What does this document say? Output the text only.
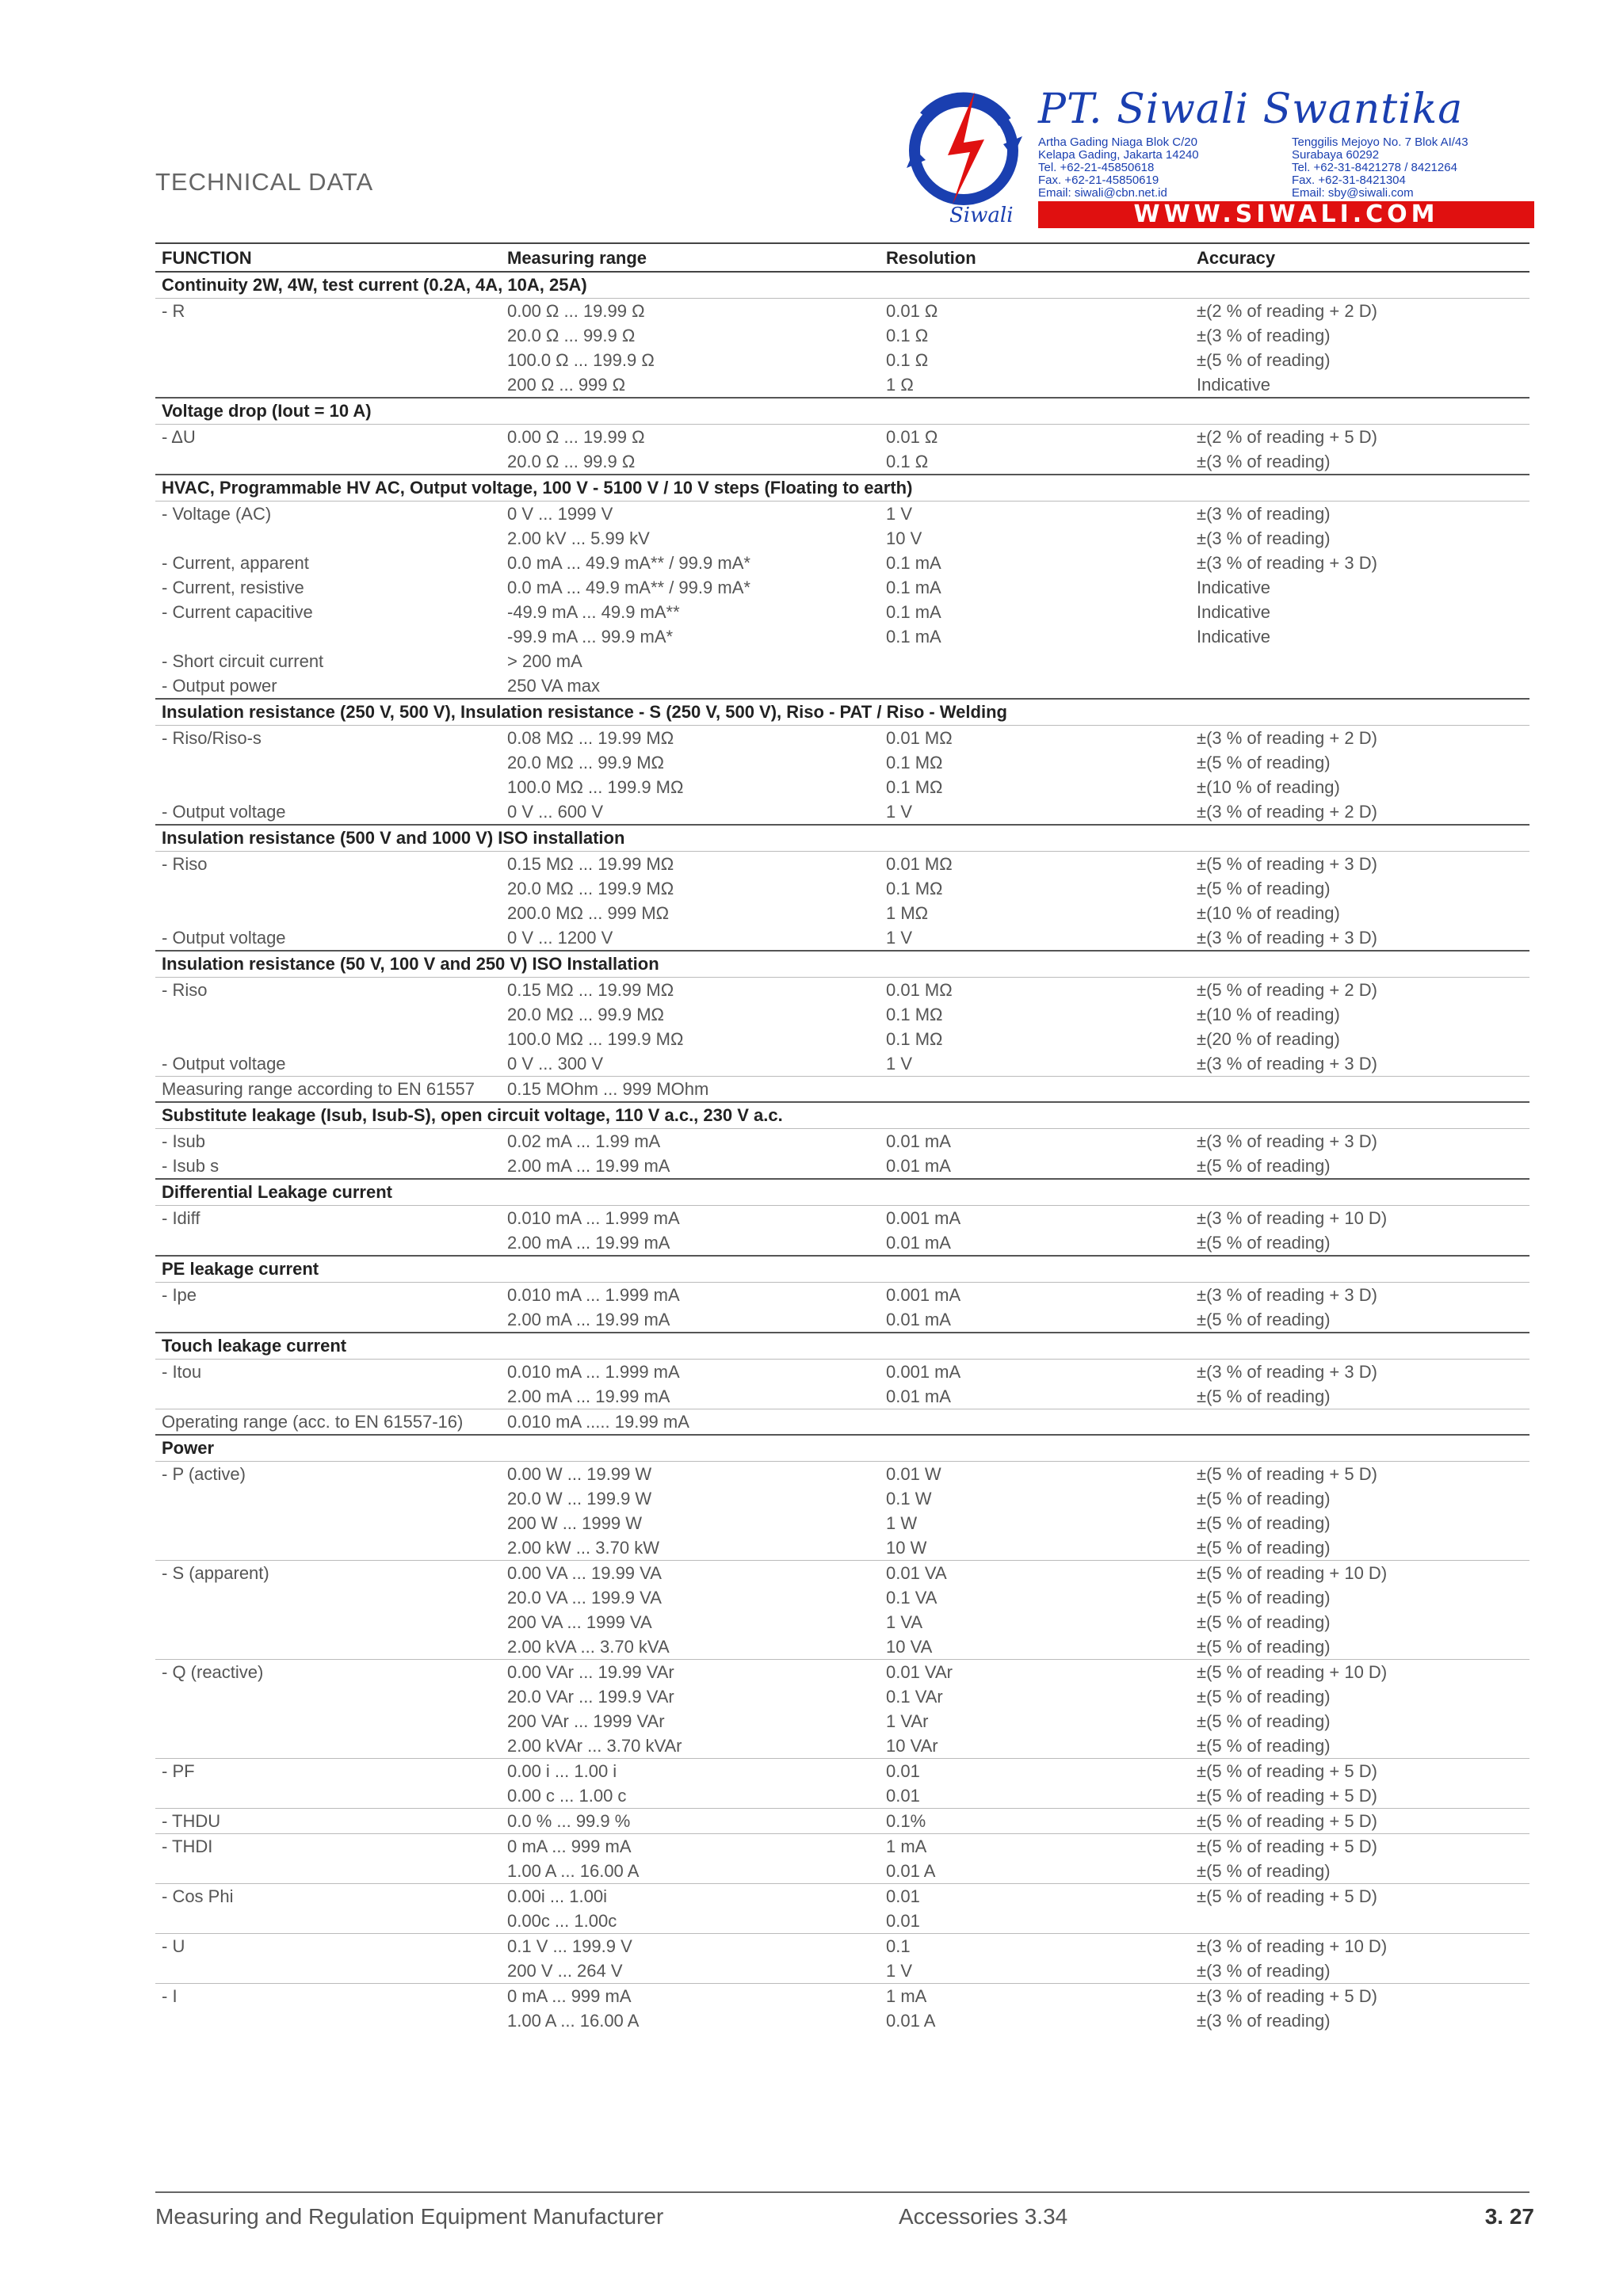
TECHNICAL DATA
Siwali
PT. Siwali Swantika
Artha Gading Niaga Blok C/20
Kelapa Gading, Jakarta 14240
Tel. +62-21-45850618
Fax. +62-21-45850619
Email: siwali@cbn.net.id
Tenggilis Mejoyo No. 7 Blok AI/43
Surabaya 60292
Tel. +62-31-8421278 / 8421264
Fax. +62-31-8421304
Email: sby@siwali.com
WWW.SIWALI.COM
FUNCTION	Measuring range	Resolution	Accuracy
Continuity 2W, 4W, test current (0.2A, 4A, 10A, 25A)
- R	0.00 Ω ... 19.99 Ω	0.01 Ω	±(2 % of reading + 2 D)
20.0 Ω ... 99.9 Ω	0.1 Ω	±(3 % of reading)
100.0 Ω ... 199.9 Ω	0.1 Ω	±(5 % of reading)
200 Ω ... 999 Ω	1 Ω	Indicative
Voltage drop (Iout = 10 A)
- ΔU	0.00 Ω ... 19.99 Ω	0.01 Ω	±(2 % of reading + 5 D)
20.0 Ω ... 99.9 Ω	0.1 Ω	±(3 % of reading)
HVAC, Programmable HV AC, Output voltage, 100 V - 5100 V / 10 V steps (Floating to earth)
- Voltage (AC)	0 V ... 1999 V	1 V	±(3 % of reading)
2.00 kV ... 5.99 kV	10 V	±(3 % of reading)
- Current, apparent	0.0 mA ... 49.9 mA** / 99.9 mA*	0.1 mA	±(3 % of reading + 3 D)
- Current, resistive	0.0 mA ... 49.9 mA** / 99.9 mA*	0.1 mA	Indicative
- Current capacitive	-49.9 mA ... 49.9 mA**	0.1 mA	Indicative
-99.9 mA ... 99.9 mA*	0.1 mA	Indicative
- Short circuit current	> 200 mA
- Output power	250 VA max
Insulation resistance (250 V, 500 V), Insulation resistance - S (250 V, 500 V), Riso - PAT / Riso - Welding
- Riso/Riso-s	0.08 MΩ ... 19.99 MΩ	0.01 MΩ	±(3 % of reading + 2 D)
20.0 MΩ ... 99.9 MΩ	0.1 MΩ	±(5 % of reading)
100.0 MΩ ... 199.9 MΩ	0.1 MΩ	±(10 % of reading)
- Output voltage	0 V ... 600 V	1 V	±(3 % of reading + 2 D)
Insulation resistance (500 V and 1000 V) ISO installation
- Riso	0.15 MΩ ... 19.99 MΩ	0.01 MΩ	±(5 % of reading + 3 D)
20.0 MΩ ... 199.9 MΩ	0.1 MΩ	±(5 % of reading)
200.0 MΩ ... 999 MΩ	1 MΩ	±(10 % of reading)
- Output voltage	0 V ... 1200 V	1 V	±(3 % of reading + 3 D)
Insulation resistance (50 V, 100 V and 250 V) ISO Installation
- Riso	0.15 MΩ ... 19.99 MΩ	0.01 MΩ	±(5 % of reading + 2 D)
20.0 MΩ ... 99.9 MΩ	0.1 MΩ	±(10 % of reading)
100.0 MΩ ... 199.9 MΩ	0.1 MΩ	±(20 % of reading)
- Output voltage	0 V ... 300 V	1 V	±(3 % of reading + 3 D)
Measuring range according to EN 61557 0.15 MOhm ... 999 MOhm
Substitute leakage (Isub, Isub-S), open circuit voltage, 110 V a.c., 230 V a.c.
- Isub	0.02 mA ... 1.99 mA	0.01 mA	±(3 % of reading + 3 D)
- Isub s	2.00 mA ... 19.99 mA	0.01 mA	±(5 % of reading)
Differential Leakage current
- Idiff	0.010 mA ... 1.999 mA	0.001 mA	±(3 % of reading + 10 D)
2.00 mA ... 19.99 mA	0.01 mA	±(5 % of reading)
PE leakage current
- Ipe	0.010 mA ... 1.999 mA	0.001 mA	±(3 % of reading + 3 D)
2.00 mA ... 19.99 mA	0.01 mA	±(5 % of reading)
Touch leakage current
- Itou	0.010 mA ... 1.999 mA	0.001 mA	±(3 % of reading + 3 D)
2.00 mA ... 19.99 mA	0.01 mA	±(5 % of reading)
Operating range (acc. to EN 61557-16)	0.010 mA ..... 19.99 mA
Power
- P (active)	0.00 W ... 19.99 W	0.01 W	±(5 % of reading + 5 D)
20.0 W ... 199.9 W	0.1 W	±(5 % of reading)
200 W ... 1999 W	1 W	±(5 % of reading)
2.00 kW ... 3.70 kW	10 W	±(5 % of reading)
- S (apparent)	0.00 VA ... 19.99 VA	0.01 VA	±(5 % of reading + 10 D)
20.0 VA ... 199.9 VA	0.1 VA	±(5 % of reading)
200 VA ... 1999 VA	1 VA	±(5 % of reading)
2.00 kVA ... 3.70 kVA	10 VA	±(5 % of reading)
- Q (reactive)	0.00 VAr ... 19.99 VAr	0.01 VAr	±(5 % of reading + 10 D)
20.0 VAr ... 199.9 VAr	0.1 VAr	±(5 % of reading)
200 VAr ... 1999 VAr	1 VAr	±(5 % of reading)
2.00 kVAr ... 3.70 kVAr	10 VAr	±(5 % of reading)
- PF	0.00 i ... 1.00 i	0.01	±(5 % of reading + 5 D)
0.00 c ... 1.00 c	0.01	±(5 % of reading + 5 D)
- THDU	0.0 % ... 99.9 %	0.1%	±(5 % of reading + 5 D)
- THDI	0 mA ... 999 mA	1 mA	±(5 % of reading + 5 D)
1.00 A ... 16.00 A	0.01 A	±(5 % of reading)
- Cos Phi	0.00i ... 1.00i	0.01	±(5 % of reading + 5 D)
0.00c ... 1.00c	0.01
- U	0.1 V ... 199.9 V	0.1	±(3 % of reading + 10 D)
200 V ... 264 V	1 V	±(3 % of reading)
- I	0 mA ... 999 mA	1 mA	±(3 % of reading + 5 D)
1.00 A ... 16.00 A	0.01 A	±(3 % of reading)
Measuring and Regulation Equipment Manufacturer	Accessories 3.34	3. 27
